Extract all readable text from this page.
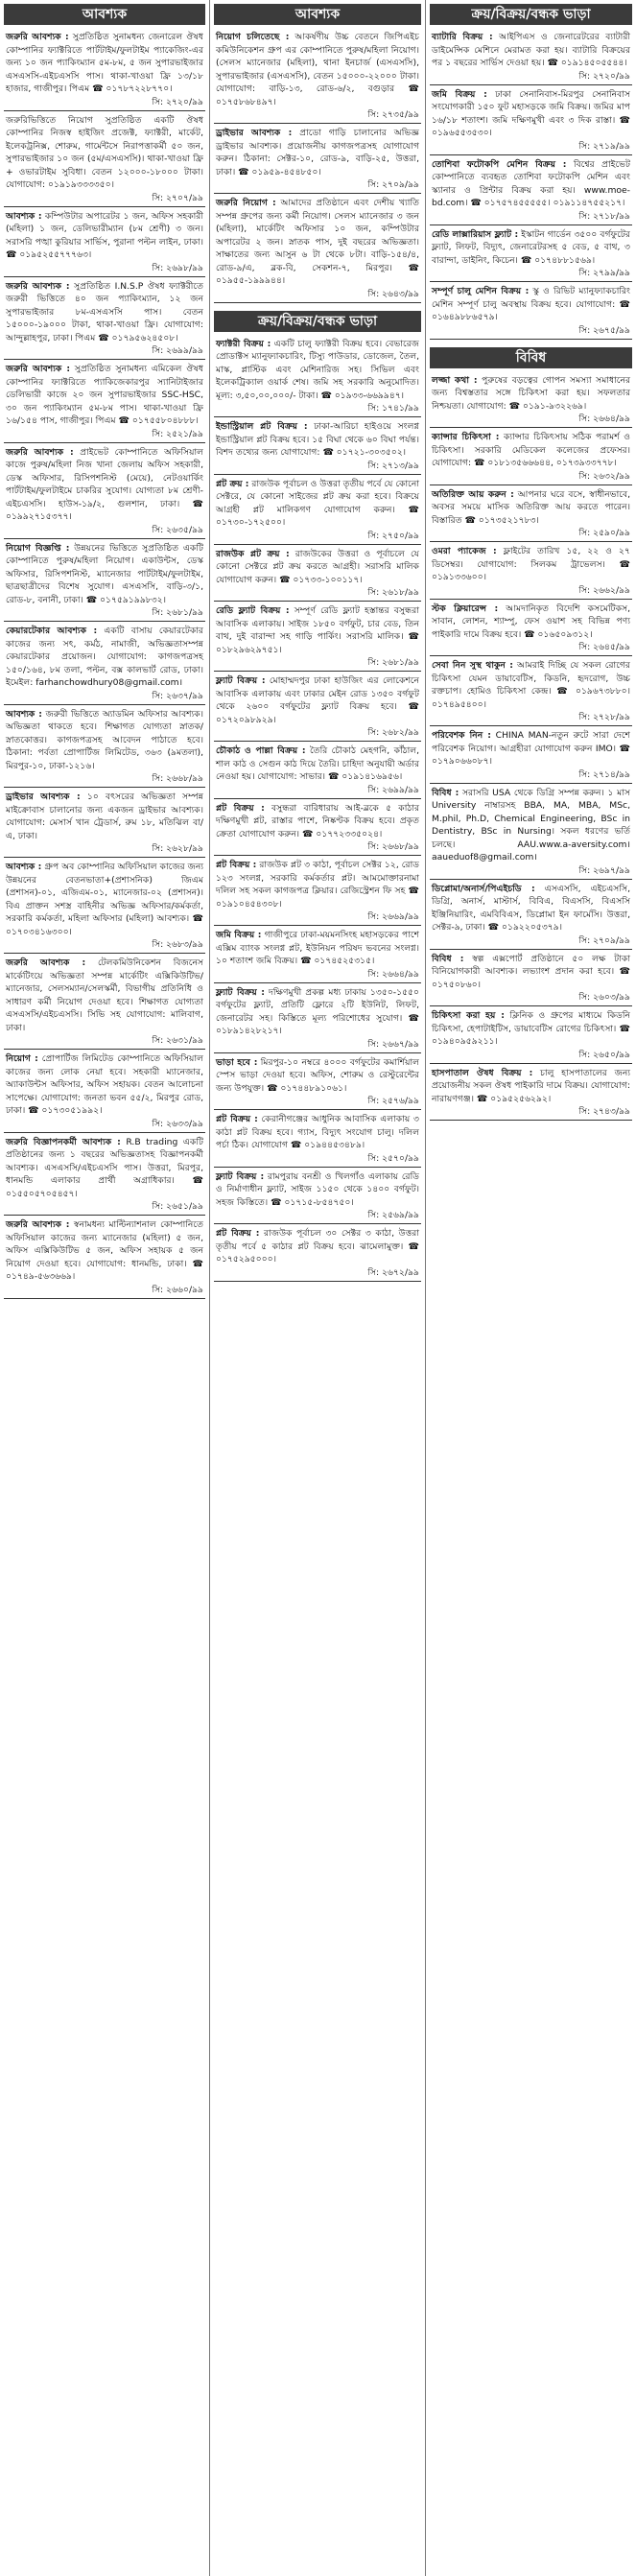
আবশ্যক
জরুরি আবশ্যক : সুপ্রতিষ্ঠিত সুনামধন্য জেনারেল ঔষধ কোম্পানির ফ্যাক্টরিতে পার্টটাইম/ফুলটাইম প্যাকেজিং-এর জন্য ১০ জন প্যাকিংম্যান ৫ম-৮ম, ৫ জন সুপারভাইজার এসএসসি-এইচএসসি পাস। থাকা-খাওয়া ফ্রি ১৩/১৮ হাজার, গাজীপুর। পিএম ☎ ০১৭৮৭২২৮৭৭০।
সি: ২৭২০/৯৯
জরুরিভিত্তিতে নিয়োগ সুপ্রতিষ্ঠিত একটি ঔষধ কোম্পানির নিজস্ব হাইজিং প্রজেক্ট, ফ্যাক্টরী, মার্কেট, ইলেকট্রনিক্স, শোরুম, গার্মেন্টসে নিরাপত্তাকর্মী ৫০ জন, সুপারভাইজার ১০ জন (৫ম/এসএসসি)। থাকা-খাওয়া ফ্রি + ওভারটাইম সুবিধা। বেতন ১২০০০-১৮০০০ টাকা। যোগাযোগ: ০১৯১৯৩৩৩৩৫০।
সি: ২৭০৭/৯৯
আবশ্যক : কম্পিউটার অপারেটর ১ জন, অফিস সহকারী (মহিলা) ১ জন, ডেলিভারীম্যান (৮ম শ্রেণী) ৩ জন। সরাসরি পঙ্খা কুরিয়ার সার্ভিস, পুরানা পল্টন লাইন, ঢাকা। ☎ ০১৯৫২৫৫৭৭৭৬৩।
সি: ২৬৯৮/৯৯
জরুরি আবশ্যক : সুপ্রতিষ্ঠিত I.N.S.P ঔষধ ফ্যাক্টরীতে জরুরী ভিত্তিতে ৪০ জন প্যাকিংম্যান, ১২ জন সুপারভাইজার ৮ম-এসএসসি পাস। বেতন ১৫০০০-১৯০০০ টাকা, থাকা-খাওয়া ফ্রি। যোগাযোগ: আন্দুল্লাহপুর, ঢাকা। পিএম ☎ ০১৭৯৫৬২৪৫০৮।
সি: ২৬৯৯/৯৯
জরুরি আবশ্যক : সুপ্রতিষ্ঠিত সুনামধন্য এমিকেল ঔষধ কোম্পানির ফ্যাক্টরিতে প্যাকিজেকারপুর স্যানিটাইজার ডেলিভারী কাজে ২০ জন সুপারভাইজার SSC-HSC, ৩০ জন প্যাকিংম্যান ৫ম-৮ম পাস। থাকা-খাওয়া ফ্রি ১৬/১৫৪ পাস, গাজীপুর। পিএম ☎ ০১৭৫৫৮০৪৮৮৮।
সি: ২৫২১/৯৯
জরুরি আবশ্যক : প্রাইভেট কোম্পানিতে অফিসিয়াল কাজে পুরুষ/মহিলা নিজ খানা জেলায় অফিস সহকারী, ডেস্ক অফিসার, রিসিপশনিস্ট (মেয়ে), নেটওয়ার্কিং পার্টটাইম/ফুলটাইমে চাকরির সুযোগ। যোগ্যতা ৮ম শ্রেণী-এইচএসসি। হাউস-১৯/২, গুলশান, ঢাকা। ☎ ০১৯৯২৭১৫৩৭৭।
সি: ২৬৩৫/৯৯
নিয়োগ বিজ্ঞপ্তি : উন্নয়নের ভিত্তিতে সুপ্রতিষ্ঠিত একটি কোম্পানিতে পুরুষ/মহিলা নিয়োগ। একাউন্টস, ডেস্ক অফিসার, রিসিপশনিস্ট, ম্যানেজার পার্টটাইম/ফুলটাইম, ছাত্রছাত্রীদের বিশেষ সুযোগ। এসএসসি, বাড়ি-৩/১, রোড-৮, বনানী, ঢাকা। ☎ ০১৭৫৯১৯৯৮৩২।
সি: ২৬৮১/৯৯
কেয়ারটেকার আবশ্যক : একটি বাসায় কেয়ারটেকার কাজের জন্য সৎ, কর্মঠ, নামাজী, অভিজ্ঞতাসম্পন্ন কেয়ারটেকার প্রয়োজন। যোগাযোগ: কাগজপত্রসহ ১৫০/১৬৪, ৮ম তলা, পল্টন, বক্স কালভার্ট রোড, ঢাকা। ইমেইল: farhanchowdhury08@gmail.com।
সি: ২৬৩৭/৯৯
আবশ্যক : জরুরী ভিত্তিতে অ্যাডমিন অফিসার আবশ্যক। অভিজ্ঞতা থাকতে হবে। শিক্ষাগত যোগ্যতা স্নাতক/স্নাতকোত্তর। কাগজপত্রসহ আবেদন পাঠাতে হবে। ঠিকানা: পর্বতা প্রোপার্টিজ লিমিটেড, ৩৬৩ (৯মতলা), মিরপুর-১০, ঢাকা-১২১৬।
সি: ২৬৬৮/৯৯
ড্রাইভার আবশ্যক : ১০ বৎসরের অভিজ্ঞতা সম্পন্ন মাইক্রোবাস চালানোর জন্য একজন ড্রাইভার আবশ্যক। যোগাযোগ: মেসার্স খান ট্রেডার্স, রুম ১৮, মতিঝিল বা/এ, ঢাকা।
সি: ২৬২৮/৯৯
আবশ্যক : গ্রুপ অব কোম্পানির অফিসিয়াল কাজের জন্য উন্নয়নের বেতনভাতা+(প্রশাসনিক) জিএম (প্রশাসন)-০১, এজিএম-০১, ম্যানেজার-০২ (প্রশাসন)। বিএ প্রাক্তন সশস্ত্র বাহিনীর অভিজ্ঞ অফিসার/কর্মকর্তা, সরকারি কর্মকর্তা, মহিলা অফিসার (মহিলা) আবশ্যক। ☎ ০১৭০৩৪১৬৩০০।
সি: ২৬৮৩/৯৯
জরুরি আবশ্যক : টেলকমিউনিকেশন বিজনেস মার্কেটিংয়ে অভিজ্ঞতা সম্পন্ন মার্কেটিং এক্সিকিউটিভ/ম্যানেজার, সেলসম্যান/সেলস্কর্মী, বিভাগীয় প্রতিনিধি ও সাধারণ কর্মী নিয়োগ দেওয়া হবে। শিক্ষাগত যোগ্যতা এসএসসি/এইচএসসি। সিভি সহ যোগাযোগ: মালিবাগ, ঢাকা।
সি: ২৬৩১/৯৯
নিয়োগ : প্রোপার্টিজ লিমিটেড কোম্পানিতে অফিসিয়াল কাজের জন্য লোক নেয়া হবে। সহকারী ম্যানেজার, অ্যাকাউন্টস অফিসার, অফিস সহায়ক। বেতন আলোচনা সাপেক্ষে। যোগাযোগ: জনতা ভবন ৫৫/২, মিরপুর রোড, ঢাকা। ☎ ০১৭৩০৫১৯৯২।
সি: ২৬৩৩/৯৯
জরুরি বিজ্ঞাপনকর্মী আবশ্যক : R.B trading একটি প্রতিষ্ঠানের জন্য ১ বছরের অভিজ্ঞতাসহ বিজ্ঞাপনকর্মী আবশ্যক। এসএসসি/এইচএসসি পাস। উত্তরা, মিরপুর, ধানমন্ডি এলাকার প্রার্থী অগ্রাধিকার। ☎ ০১৫৫০৫৭০৫৪৫৭।
সি: ২৬৫১/৯৯
জরুরি আবশ্যক : স্বনামধন্য মাল্টিন্যাশনাল কোম্পানিতে অফিসিয়াল কাজের জন্য ম্যানেজার (মহিলা) ৫ জন, অফিস এক্সিকিউটিভ ৫ জন, অফিস সহায়ক ৫ জন নিয়োগ দেওয়া হবে। যোগাযোগ: ধানমন্ডি, ঢাকা। ☎ ০১৭৪৯-৫৬৩৬৬৯।
সি: ২৬৬০/৯৯
আবশ্যক
নিয়োগ চলিতেছে : আকর্ষণীয় উচ্চ বেতনে জিপিএইচ কমিউনিকেশন গ্রুপ এর কোম্পানিতে পুরুষ/মহিলা নিয়োগ। (সেলস ম্যানেজার (মহিলা), থানা ইনচার্জ (এসএসসি), সুপারভাইজার (এসএসসি), বেতন ১৫০০০-২২০০০ টাকা। যোগাযোগ: বাড়ি-১৩, রোড-৬/২, বগুড়ার ☎ ০১৭৫৮৬৮৪৯৭।
সি: ২৭৩৫/৯৯
ড্রাইভার আবশ্যক : প্রাডো গাড়ি চালানোর অভিজ্ঞ ড্রাইভার আবশ্যক। প্রয়োজনীয় কাগজপত্রসহ যোগাযোগ করুন। ঠিকানা: সেক্টর-১০, রোড-৯, বাড়ি-২৫, উত্তরা, ঢাকা। ☎ ০১৯৫৯-৪৫৪৮৫০।
সি: ২৭০৯/৯৯
জরুরি নিয়োগ : আমাদের প্রতিষ্ঠানে এবং দেশীয় খ্যাতি সম্পন্ন গ্রুপের জন্য কর্মী নিয়োগ। সেলস ম্যানেজার ৩ জন (মহিলা), মার্কেটিং অফিসার ১০ জন, কম্পিউটার অপারেটর ২ জন। স্নাতক পাস, দুই বছরের অভিজ্ঞতা। সাক্ষাতের জন্য আসুন ৬ টা থেকে ৮টা। বাড়ি-১৫৪/৪, রোড-৯/এ, ব্লক-বি, সেকশন-৭, মিরপুর। ☎ ০১৯৫৫-১৯৯৯৪৪।
সি: ২৬৪৩/৯৯
ক্রয়/বিক্রয়/বন্ধক ভাড়া
ফ্যাক্টরী বিক্রয় : একটি চালু ফ্যাক্টরী বিক্রয় হবে। বেভারেজ প্রোডাক্টস ম্যানুফ্যাকচারিং, টিস্যু পাউডার, ডোজেল, তৈল, মাস্ক, প্লাস্টিক এবং মেশিনারিজ সহ। সিভিল এবং ইলেকট্রিক্যাল ওয়ার্ক শেষ। জমি সহ সরকারি অনুমোদিত। মূল্য: ৩,৫০,০০,০০০/- টাকা। ☎ ০১৯৩৩-৬৬৯৯৪৭।
সি: ১৭৪১/৯৯
ইন্ডাস্ট্রিয়াল প্লট বিক্রয় : ঢাকা-আরিচা হাইওয়ে সংলগ্ন ইন্ডাস্ট্রিয়াল প্লট বিক্রয় হবে। ১৫ বিঘা থেকে ৬০ বিঘা পর্যন্ত। বিশদ তথ্যের জন্য যোগাযোগ: ☎ ০১৭২১-৩০৩৫০২।
সি: ২৭১৩/৯৯
প্লট ক্রয় : রাজউক পূর্বাচল ও উত্তরা তৃতীয় পর্বে যে কোনো সেক্টরে, যে কোনো সাইজের প্লট ক্রয় করা হবে। বিক্রয়ে আগ্রহী প্লট মালিকগণ যোগাযোগ করুন। ☎ ০১৭৩০-১৭২৫০০।
সি: ২৭৫০/৯৯
রাজউক প্লট ক্রয় : রাজউকের উত্তরা ও পূর্বাচলে যে কোনো সেক্টরে প্লট ক্রয় করতে আগ্রহী। সরাসরি মালিক যোগাযোগ করুন। ☎ ০১৭৩৩-১০০১১৭।
সি: ২৬১৮/৯৯
রেডি ফ্ল্যাট বিক্রয় : সম্পূর্ণ রেডি ফ্ল্যাট হস্তান্তর বসুন্ধরা আবাসিক এলাকায়। সাইজ ১৮৫০ বর্গফুট, চার বেড, তিন বাথ, দুই বারান্দা সহ গাড়ি পার্কিং। সরাসরি মালিক। ☎ ০১৮২৯৬২৯৭৫১।
সি: ২৬৮১/৯৯
ফ্ল্যাট বিক্রয় : মোহাম্মদপুর ঢাকা হাউজিং এর লোকেশনে আবাসিক এলাকায় এবং ঢাকার মেইন রোড ১৩৫০ বর্গফুট থেকে ২৬০০ বর্গফুটের ফ্ল্যাট বিক্রয় হবে। ☎ ০১৭২০৯৮৯২৯।
সি: ২৬৮২/৯৯
চৌকাঠ ও পাল্লা বিক্রয় : তৈরি চৌকাঠ মেহগনি, কাঁঠাল, শাল কাঠ ও সেগুন কাঠ দিয়ে তৈরি। চাহিদা অনুযায়ী অর্ডার নেওয়া হয়। যোগাযোগ: সাভার। ☎ ০১৯১৪১৬৯৫৬।
সি: ২৬৯৯/৯৯
প্লট বিক্রয় : বসুন্ধরা বারিধারায় আই-ব্লকে ৫ কাঠার দক্ষিণমুখী প্লট, রাস্তার পাশে, নিষ্কণ্টক বিক্রয় হবে। প্রকৃত ক্রেতা যোগাযোগ করুন। ☎ ০১৭৭২৩৩৫০২৪।
সি: ২৬৬৮/৯৯
প্লট বিক্রয় : রাজউক প্লট ৩ কাঠা, পূর্বাচল সেক্টর ১২, রোড ১২৩ সংলগ্ন, সরকারি কর্মকর্তার প্লট। আমমোক্তারনামা দলিল সহ সকল কাগজপত্র ক্লিয়ার। রেজিস্ট্রেশন ফি সহ ☎ ০১৯১০৪৫৪৩০৮।
সি: ২৬৬৯/৯৯
জমি বিক্রয় : গাজীপুরে ঢাকা-ময়মনসিংহ মহাসড়কের পাশে এক্সিম ব্যাংক সংলগ্ন প্লট, ইউনিয়ন পরিষদ ভবনের সংলগ্ন। ১০ শতাংশ জমি বিক্রয়। ☎ ০১৭৪৫২৫৩১৫।
সি: ২৬৬৪/৯৯
ফ্ল্যাট বিক্রয় : দক্ষিণমুখী প্রকল্প মধ্য ঢাকায় ১৩৫০-১৫৫০ বর্গফুটের ফ্ল্যাট, প্রতিটি ফ্লোরে ২টি ইউনিট, লিফট, জেনারেটর সহ। কিস্তিতে মূল্য পরিশোধের সুযোগ। ☎ ০১৮৯১৪২৮২১৭।
সি: ২৬৬৭/৯৯
ভাড়া হবে : মিরপুর-১০ নম্বরে ৪০০০ বর্গফুটের কমার্শিয়াল স্পেস ভাড়া দেওয়া হবে। অফিস, শোরুম ও রেস্টুরেন্টের জন্য উপযুক্ত। ☎ ০১৭৪৪৮৯১০৬১।
সি: ২৫৭৬/৯৯
প্লট বিক্রয় : কেরানীগঞ্জের আধুনিক আবাসিক এলাকায় ৩ কাঠা প্লট বিক্রয় হবে। গ্যাস, বিদ্যুৎ সংযোগ চালু। দলিল পর্চা ঠিক। যোগাযোগ ☎ ০১৯৪৪৫৩৪৮৯।
সি: ২৫৭০/৯৯
ফ্ল্যাট বিক্রয় : রামপুরায় বনশ্রী ও খিলগাঁও এলাকায় রেডি ও নির্মাণাধীন ফ্ল্যাট, সাইজ ১১৫০ থেকে ১৪০০ বর্গফুট। সহজ কিস্তিতে। ☎ ০১৭১৫-৮৫৪৭৫০।
সি: ২৫৬৯/৯৯
প্লট বিক্রয় : রাজউক পূর্বাচল ৩০ সেক্টর ৩ কাঠা, উত্তরা তৃতীয় পর্বে ৫ কাঠার প্লট বিক্রয় হবে। ঝামেলামুক্ত। ☎ ০১৭৫২৯৫০০০।
সি: ২৬৭২/৯৯
ক্রয়/বিক্রয়/বন্ধক ভাড়া
ব্যাটারি বিক্রয় : আইপিএস ও জেনারেটরের ব্যাটারী ডাইমেন্সিক মেশিনে মেরামত করা হয়। ব্যাটারি বিক্রয়ের পর ১ বছরের সার্ভিস দেওয়া হয়। ☎ ০১৯১৪৫০৫৫৪৪।
সি: ২৭২০/৯৯
জমি বিক্রয় : ঢাকা সেনানিবাস-মিরপুর সেনানিবাস সংযোগকারী ১৫০ ফুট মহাসড়কে জমি বিক্রয়। জমির মাপ ১৬/১৮ শতাংশ। জমি দক্ষিণমুখী এবং ৩ দিক রাস্তা। ☎ ০১৯৬৫৫৩৫৩০।
সি: ২৭১৯/৯৯
তোশিবা ফটোকপি মেশিন বিক্রয় : বিশ্বের প্রাইভেট কোম্পানিতে ব্যবহৃত তোশিবা ফটোকপি মেশিন এবং স্ক্যানার ও প্রিন্টার বিক্রয় করা হয়। www.moe-bd.com। ☎ ০১৭৫৭৪৫৫৫৫৫। ০১৯১১৪৭৫৫২১৭।
সি: ২৭১৮/৯৯
রেডি লাক্সারিয়াস ফ্ল্যাট : ইস্কাটন গার্ডেন ৩৫০০ বর্গফুটের ফ্ল্যাট, লিফট, বিদ্যুৎ, জেনারেটরসহ ৫ বেড, ৫ বাথ, ৩ বারান্দা, ডাইনিং, কিচেন। ☎ ০১৭৪৮৮১৫৬৯।
সি: ২৭৯৯/৯৯
সম্পূর্ণ চালু মেশিন বিক্রয় : স্কু ও রিভিট ম্যানুফ্যাকচারিং মেশিন সম্পূর্ণ চালু অবস্থায় বিক্রয় হবে। যোগাযোগ: ☎ ০১৬৪৯৮৮৬৫৭৯।
সি: ২৬৭৫/৯৯
বিবিধ
লজ্জা কথা : পুরুষের বড়ত্বের গোপন সমস্যা সমাধানের জন্য বিশ্বস্ততার সঙ্গে চিকিৎসা করা হয়। সফলতার নিশ্চয়তা। যোগাযোগ: ☎ ০১৯১-৯৩২২৬৯।
সি: ২৬৬৪/৯৯
ক্যান্সার চিকিৎসা : ক্যান্সার চিকিৎসায় সঠিক পরামর্শ ও চিকিৎসা। সরকারি মেডিকেল কলেজের প্রফেসর। যোগাযোগ: ☎ ০১৮১৩৫৬৬৬৪৪, ০১৭৩৯৩৩৭৭৮।
সি: ২৬৩২/৯৯
অতিরিক্ত আয় করুন : আপনার ঘরে বসে, স্বাধীনভাবে, অবসর সময়ে মাসিক অতিরিক্ত আয় করতে পারেন। বিস্তারিত ☎ ০১৭৩৫২১৭৮৩।
সি: ২৫৯০/৯৯
ওমরা প্যাকেজ : ফ্লাইটের তারিখ ১৫, ২২ ও ২৭ ডিসেম্বর। যোগাযোগ: সিলকম ট্রাভেলস। ☎ ০১৯১৩৩৬০০।
সি: ২৬৬২/৯৯
স্টক ক্লিয়ারেন্স : আমদানিকৃত বিদেশি কসমেটিকস, সাবান, লোশন, শ্যাম্পু, ফেস ওয়াশ সহ বিভিন্ন পণ্য পাইকারি দামে বিক্রয় হবে। ☎ ০১৬৫০৯৩১২।
সি: ২৬৪৫/৯৯
সেবা নিন সুস্থ থাকুন : আমরাই দিচ্ছি যে সকল রোগের চিকিৎসা যেমন ডায়াবেটিস, কিডনি, হৃদরোগ, উচ্চ রক্তচাপ। হোমিও চিকিৎসা কেন্দ্র। ☎ ০১৯৬৭৩৮৮০। ০১৭৪৯৫৪০০।
সি: ২৭২৮/৯৯
পরিবেশক নিন : CHINA MAN-নতুন রুটে সারা দেশে পরিবেশক নিয়োগ। আগ্রহীরা যোগাযোগ করুন IMO। ☎ ০১৭৯০৬৬০৮৭।
সি: ২৭১৪/৯৯
বিবিধ : সরাসরি USA থেকে ডিগ্রি সম্পন্ন করুন। ১ মাস University নাম্বারসহ BBA, MA, MBA, MSc, M.phil, Ph.D, Chemical Engineering, BSc in Dentistry, BSc in Nursing। সকল ধরণের ভর্তি চলছে। AAU.www.a-aversity.com। aaueduof8@gmail.com।
সি: ২৬৯৭/৯৯
ডিপ্লোমা/অনার্স/পিএইচডি : এসএসসি, এইচএসসি, ডিগ্রি, অনার্স, মাস্টার্স, বিবিএ, বিএসসি, বিএসসি ইঞ্জিনিয়ারিং, এমবিবিএস, ডিপ্লোমা ইন ফার্মেসি। উত্তরা, সেক্টর-৯, ঢাকা। ☎ ০১৯২২০৫৩৭৯।
সি: ২৭০৯/৯৯
বিবিধ : স্বল্প এক্সপোর্ট প্রতিষ্ঠানে ৫০ লক্ষ টাকা বিনিয়োগকারী আবশ্যক। লভ্যাংশ প্রদান করা হবে। ☎ ০১৭৫০৮৬০।
সি: ২৬০৩/৯৯
চিকিৎসা করা হয় : ক্লিনিক ও গ্রুপের মাধ্যমে কিডনি চিকিৎসা, হেপাটাইটিস, ডায়াবেটিস রোগের চিকিৎসা। ☎ ০১৯৪০৯৫৯২১১।
সি: ২৬৫০/৯৯
হাসপাতাল ঔষধ বিক্রয় : চালু হাসপাতালের জন্য প্রয়োজনীয় সকল ঔষধ পাইকারি দামে বিক্রয়। যোগাযোগ: নারায়ণগঞ্জ। ☎ ০১৯৫২৫৬২৯২।
সি: ২৭৪৩/৯৯
